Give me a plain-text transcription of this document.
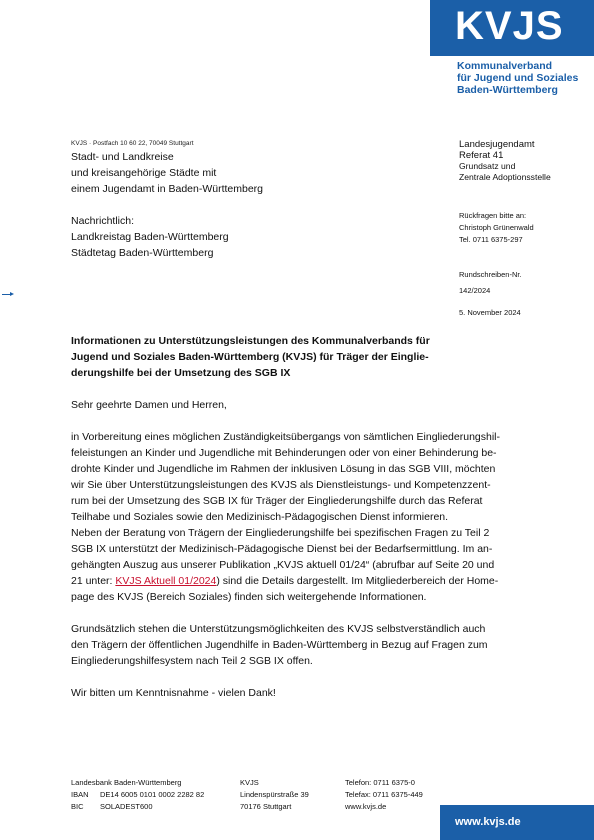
KVJS
Kommunalverband
für Jugend und Soziales
Baden-Württemberg
KVJS · Postfach 10 60 22, 70049 Stuttgart
Stadt- und Landkreise
und kreisangehörige Städte mit
einem Jugendamt in Baden-Württemberg
Nachrichtlich:
Landkreistag Baden-Württemberg
Städtetag Baden-Württemberg
Landesjugendamt
Referat 41
Grundsatz und
Zentrale Adoptionsstelle
Rückfragen bitte an:
Christoph Grünenwald
Tel. 0711 6375-297
Rundschreiben-Nr.
142/2024
5. November 2024
Informationen zu Unterstützungsleistungen des Kommunalverbands für
Jugend und Soziales Baden-Württemberg (KVJS) für Träger der Einglie-
derungshilfe bei der Umsetzung des SGB IX
Sehr geehrte Damen und Herren,
in Vorbereitung eines möglichen Zuständigkeitsübergangs von sämtlichen Eingliederungshil-
feleistungen an Kinder und Jugendliche mit Behinderungen oder von einer Behinderung be-
drohte Kinder und Jugendliche im Rahmen der inklusiven Lösung in das SGB VIII, möchten
wir Sie über Unterstützungsleistungen des KVJS als Dienstleistungs- und Kompetenzzent-
rum bei der Umsetzung des SGB IX für Träger der Eingliederungshilfe durch das Referat
Teilhabe und Soziales sowie den Medizinisch-Pädagogischen Dienst informieren.
Neben der Beratung von Trägern der Eingliederungshilfe bei spezifischen Fragen zu Teil 2
SGB IX unterstützt der Medizinisch-Pädagogische Dienst bei der Bedarfsermittlung. Im an-
gehängten Auszug aus unserer Publikation „KVJS aktuell 01/24“ (abrufbar auf Seite 20 und
21 unter: KVJS Aktuell 01/2024) sind die Details dargestellt. Im Mitgliederbereich der Home-
page des KVJS (Bereich Soziales) finden sich weitergehende Informationen.
Grundsätzlich stehen die Unterstützungsmöglichkeiten des KVJS selbstverständlich auch
den Trägern der öffentlichen Jugendhilfe in Baden-Württemberg in Bezug auf Fragen zum
Eingliederungshilfesystem nach Teil 2 SGB IX offen.
Wir bitten um Kenntnisnahme - vielen Dank!
Landesbank Baden-Württemberg
IBAN DE14 6005 0101 0002 2282 82
BIC SOLADEST600
KVJS
Lindenspürstraße 39
70176 Stuttgart
Telefon: 0711 6375-0
Telefax: 0711 6375-449
www.kvjs.de
www.kvjs.de
